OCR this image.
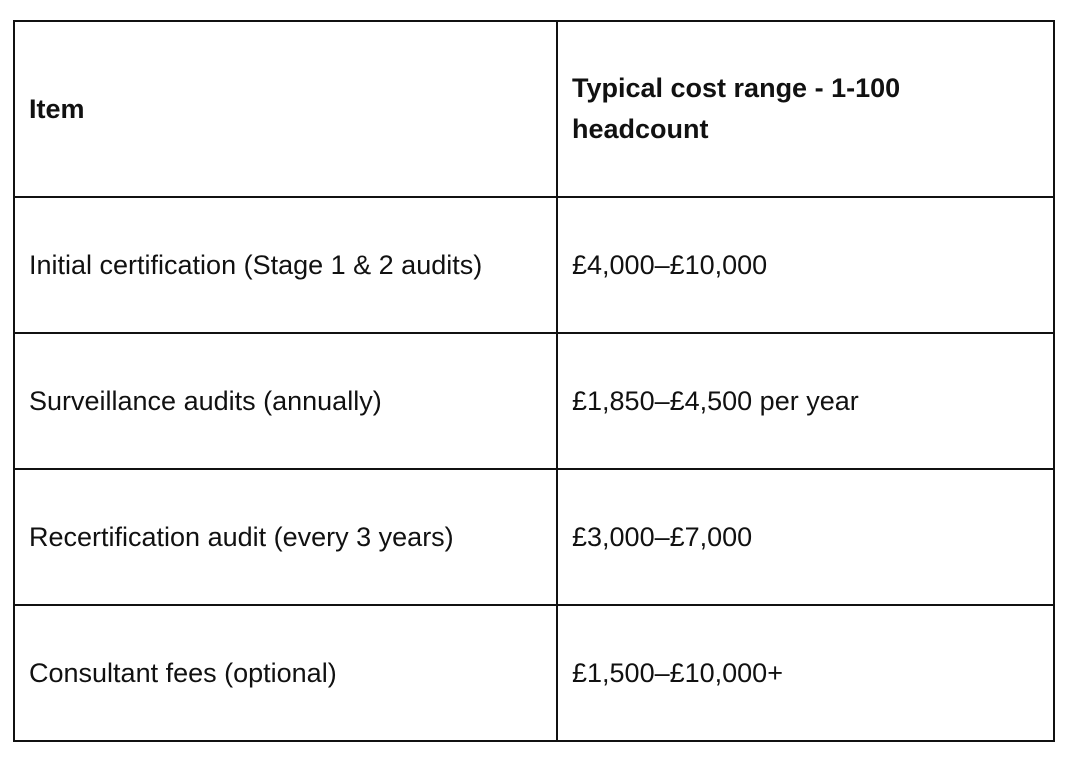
Item	Typical cost range - 1-100 headcount
Initial certification (Stage 1 & 2 audits)	£4,000–£10,000
Surveillance audits (annually)	£1,850–£4,500 per year
Recertification audit (every 3 years)	£3,000–£7,000
Consultant fees (optional)	£1,500–£10,000+
